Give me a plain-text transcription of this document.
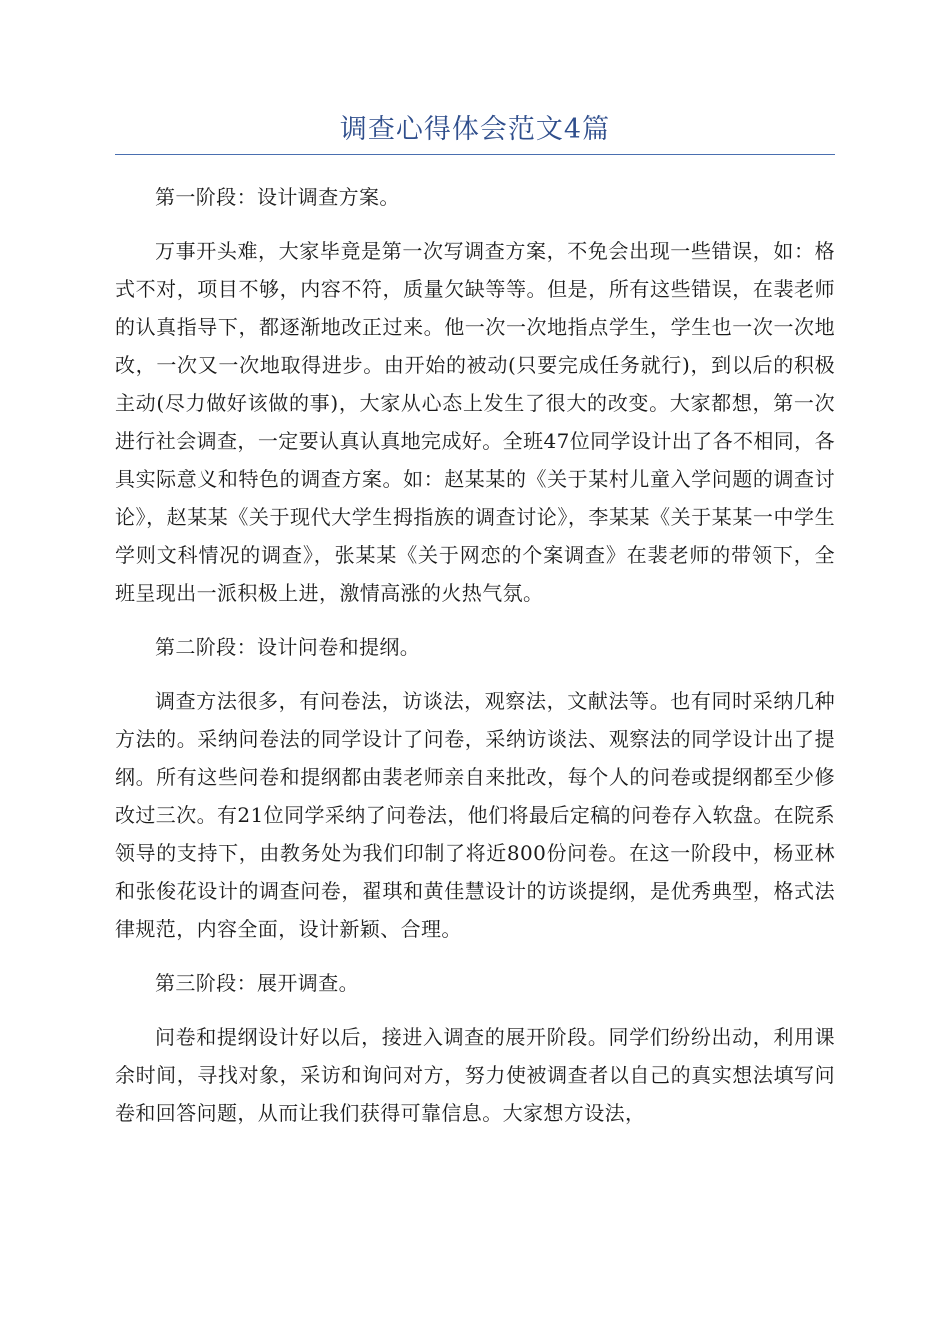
调查心得体会范文4篇

第一阶段：设计调查方案。

万事开头难，大家毕竟是第一次写调查方案，不免会出现一些错误，如：格式不对，项目不够，内容不符，质量欠缺等等。但是，所有这些错误，在裴老师的认真指导下，都逐渐地改正过来。他一次一次地指点学生，学生也一次一次地改，一次又一次地取得进步。由开始的被动(只要完成任务就行)，到以后的积极主动(尽力做好该做的事)，大家从心态上发生了很大的改变。大家都想，第一次进行社会调查，一定要认真认真地完成好。全班47位同学设计出了各不相同，各具实际意义和特色的调查方案。如：赵某某的《关于某村儿童入学问题的调查讨论》，赵某某《关于现代大学生拇指族的调查讨论》，李某某《关于某某一中学生学则文科情况的调查》，张某某《关于网恋的个案调查》在裴老师的带领下，全班呈现出一派积极上进，激情高涨的火热气氛。

第二阶段：设计问卷和提纲。

调查方法很多，有问卷法，访谈法，观察法，文献法等。也有同时采纳几种方法的。采纳问卷法的同学设计了问卷，采纳访谈法、观察法的同学设计出了提纲。所有这些问卷和提纲都由裴老师亲自来批改，每个人的问卷或提纲都至少修改过三次。有21位同学采纳了问卷法，他们将最后定稿的问卷存入软盘。在院系领导的支持下，由教务处为我们印制了将近800份问卷。在这一阶段中，杨亚林和张俊花设计的调查问卷，翟琪和黄佳慧设计的访谈提纲，是优秀典型，格式法律规范，内容全面，设计新颖、合理。

第三阶段：展开调查。

问卷和提纲设计好以后，接进入调查的展开阶段。同学们纷纷出动，利用课余时间，寻找对象，采访和询问对方，努力使被调查者以自己的真实想法填写问卷和回答问题，从而让我们获得可靠信息。大家想方设法，
